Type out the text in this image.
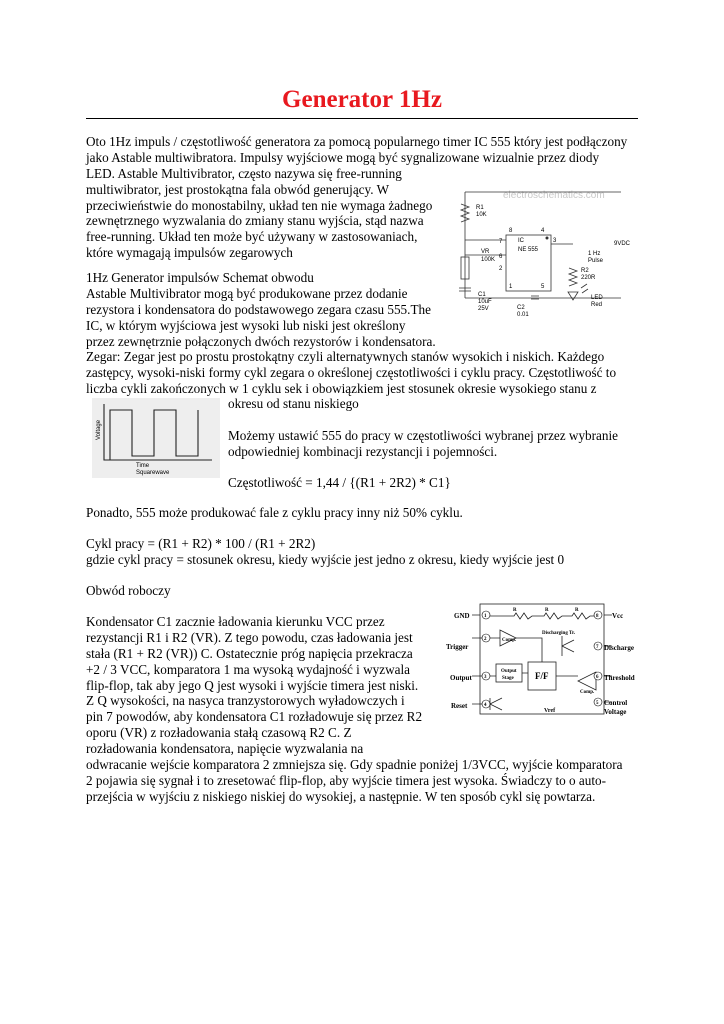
Generator 1Hz
Oto 1Hz impuls / częstotliwość generatora za pomocą popularnego timer IC 555 który jest podłączony
jako Astable multiwibratora. Impulsy wyjściowe mogą być sygnalizowane wizualnie przez diody
LED. Astable Multivibrator, często nazywa się free-running
multiwibrator, jest prostokątna fala obwód generujący. W
przeciwieństwie do monostabilny, układ ten nie wymaga żadnego
zewnętrznego wyzwalania do zmiany stanu wyjścia, stąd nazwa
free-running. Układ ten może być używany w zastosowaniach,
które wymagają impulsów zegarowych
1Hz Generator impulsów Schemat obwodu
Astable Multivibrator mogą być produkowane przez dodanie
rezystora i kondensatora do podstawowego zegara czasu 555.The
IC, w którym wyjściowa jest wysoki lub niski jest określony
przez zewnętrznie połączonych dwóch rezystorów i kondensatora.
Zegar: Zegar jest po prostu prostokątny czyli alternatywnych stanów wysokich i niskich. Każdego
zastępcy, wysoki-niski formy cykl zegara o określonej częstotliwości i cyklu pracy. Częstotliwość to
liczba cykli zakończonych w 1 cyklu sek i obowiązkiem jest stosunek okresie wysokiego stanu z
okresu od stanu niskiego
Możemy ustawić 555 do pracy w częstotliwości wybranej przez wybranie
odpowiedniej kombinacji rezystancji i pojemności.
Częstotliwość = 1,44 / {(R1 + 2R2) * C1}
Ponadto, 555 może produkować fale z cyklu pracy inny niż 50% cyklu.
Cykl pracy = (R1 + R2) * 100 / (R1 + 2R2)
gdzie cykl pracy = stosunek okresu, kiedy wyjście jest jedno z okresu, kiedy wyjście jest 0
Obwód roboczy
Kondensator C1 zacznie ładowania kierunku VCC przez
rezystancji R1 i R2 (VR). Z tego powodu, czas ładowania jest
stała (R1 + R2 (VR)) C. Ostatecznie próg napięcia przekracza
+2 / 3 VCC, komparatora 1 ma wysoką wydajność i wyzwala
flip-flop, tak aby jego Q jest wysoki i wyjście timera jest niski.
Z Q wysokości, na nasyca tranzystorowych wyładowczych i
pin 7 powodów, aby kondensatora C1 rozładowuje się przez R2
oporu (VR) z rozładowania stałą czasową R2 C. Z
rozładowania kondensatora, napięcie wyzwalania na
odwracanie wejście komparatora 2 zmniejsza się. Gdy spadnie poniżej 1/3VCC, wyjście komparatora
2 pojawia się sygnał i to zresetować flip-flop, aby wyjście timera jest wysoka. Świadczy to o auto-
przejścia w wyjściu z niskiego niskiej do wysokiej, a następnie. W ten sposób cykl się powtarza.
electroschematics.com
R1
10K
IC
NE 555
VR
100K
C1
10uF
25V	C2
0.01
R2
220R
9VDC
1 Hz
Pulse
LED
Red
8	4
7
6
2
3
1	5
Voltage
Time
Squarewave
GND	Vcc
Trigger
Output
Reset
Discharge
Threshold
Control
Voltage
R	R	R
Comp.
Comp.
Discharging Tr.
Output
Stage F/F
Vref
1	8
2
7
3	6
4	5
